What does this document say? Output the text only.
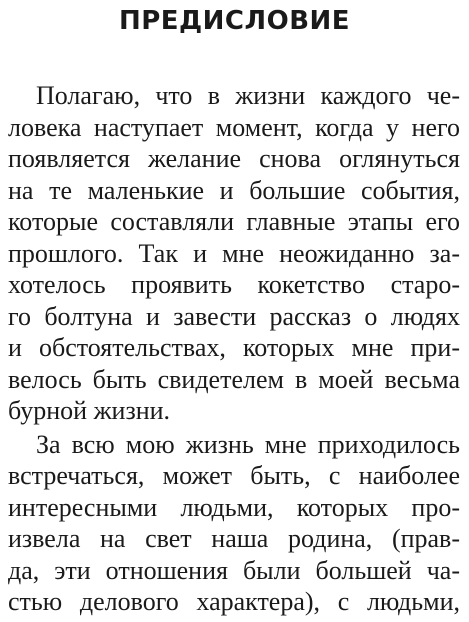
ПРЕДИСЛОВИЕ
Полагаю, что в жизни каждого че-
ловека наступает момент, когда у него
появляется желание снова оглянуться
на те маленькие и большие события,
которые составляли главные этапы его
прошлого. Так и мне неожиданно за-
хотелось проявить кокетство старо-
го болтуна и завести рассказ о людях
и обстоятельствах, которых мне при-
велось быть свидетелем в моей весьма
бурной жизни.
За всю мою жизнь мне приходилось
встречаться, может быть, с наиболее
интересными людьми, которых про-
извела на свет наша родина, (прав-
да, эти отношения были большей ча-
стью делового характера), с людьми,
